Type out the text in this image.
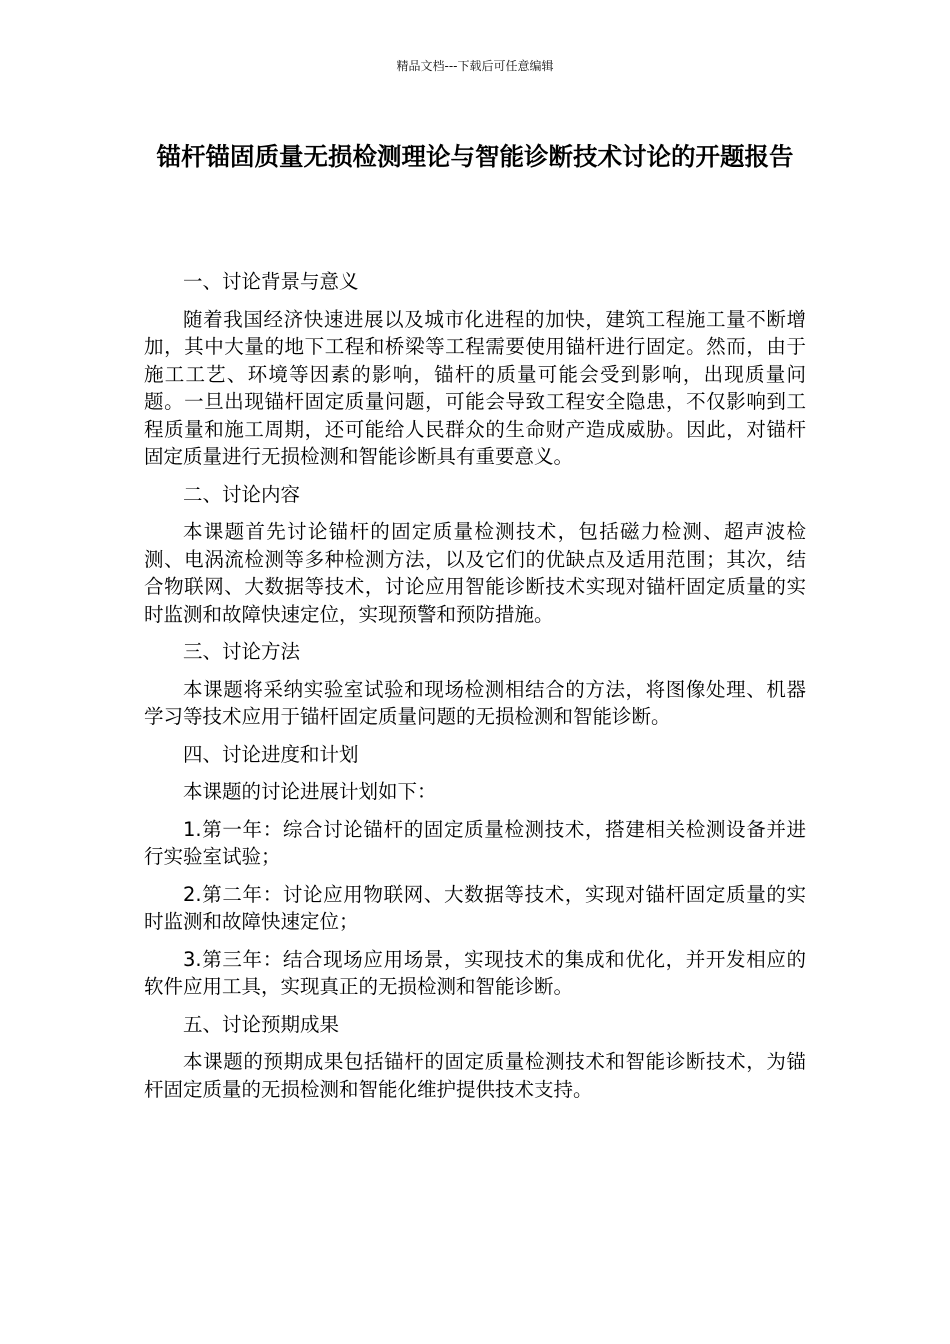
精品文档---下载后可任意编辑
锚杆锚固质量无损检测理论与智能诊断技术讨论的开题报告

一、讨论背景与意义

随着我国经济快速进展以及城市化进程的加快，建筑工程施工量不断增加，其中大量的地下工程和桥梁等工程需要使用锚杆进行固定。然而，由于施工工艺、环境等因素的影响，锚杆的质量可能会受到影响，出现质量问题。一旦出现锚杆固定质量问题，可能会导致工程安全隐患，不仅影响到工程质量和施工周期，还可能给人民群众的生命财产造成威胁。因此，对锚杆固定质量进行无损检测和智能诊断具有重要意义。

二、讨论内容

本课题首先讨论锚杆的固定质量检测技术，包括磁力检测、超声波检测、电涡流检测等多种检测方法，以及它们的优缺点及适用范围；其次，结合物联网、大数据等技术，讨论应用智能诊断技术实现对锚杆固定质量的实时监测和故障快速定位，实现预警和预防措施。

三、讨论方法

本课题将采纳实验室试验和现场检测相结合的方法，将图像处理、机器学习等技术应用于锚杆固定质量问题的无损检测和智能诊断。

四、讨论进度和计划

本课题的讨论进展计划如下：

1.第一年：综合讨论锚杆的固定质量检测技术，搭建相关检测设备并进行实验室试验；

2.第二年：讨论应用物联网、大数据等技术，实现对锚杆固定质量的实时监测和故障快速定位；

3.第三年：结合现场应用场景，实现技术的集成和优化，并开发相应的软件应用工具，实现真正的无损检测和智能诊断。

五、讨论预期成果

本课题的预期成果包括锚杆的固定质量检测技术和智能诊断技术，为锚杆固定质量的无损检测和智能化维护提供技术支持。
